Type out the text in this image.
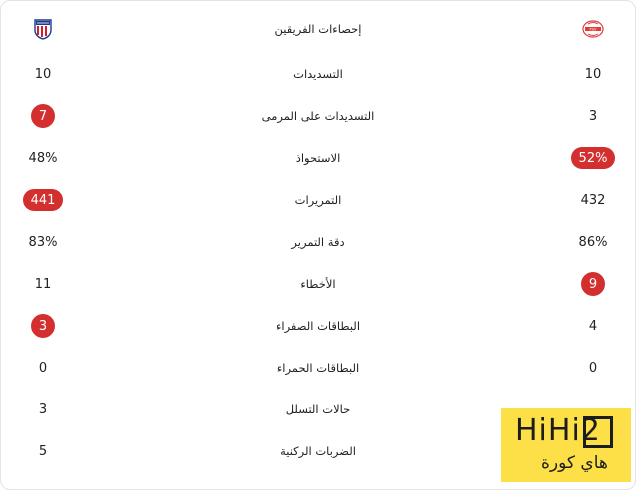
إحصاءات الفريقين	PSV
10	التسديدات	10
7	التسديدات على المرمى	3
48%	الاستحواذ	52%
441	التمريرات	432
83%	دقة التمرير	86%
11	الأخطاء	9
3	البطاقات الصفراء	4
0	البطاقات الحمراء	0
3	حالات التسلل
5	الضربات الركنية
HiHi2
هاي كورة
